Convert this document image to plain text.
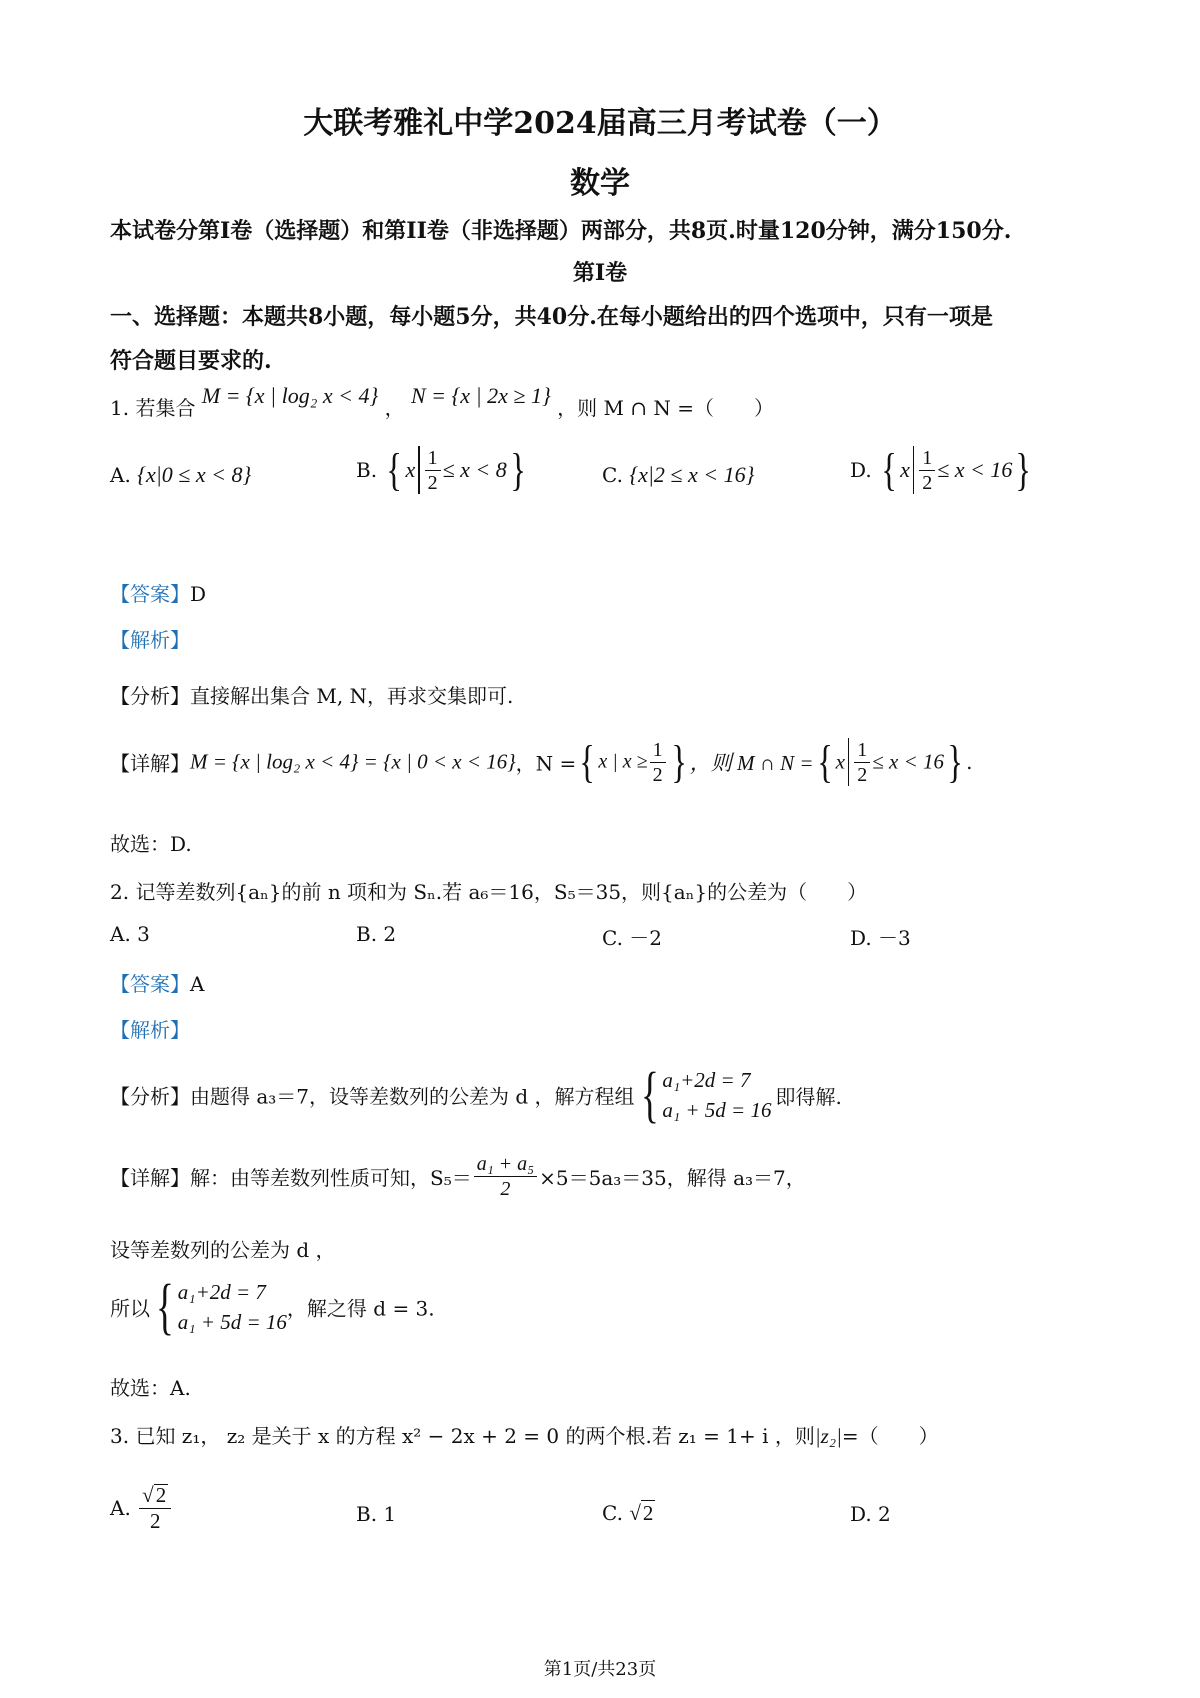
大联考雅礼中学2024届高三月考试卷（一）
数学
本试卷分第I卷（选择题）和第II卷（非选择题）两部分，共8页.时量120分钟，满分150分.
第I卷
一、选择题：本题共8小题，每小题5分，共40分.在每小题给出的四个选项中，只有一项是
符合题目要求的.
1. 若集合 M = {x | log₂ x < 4} ， N = {x | 2x ≥ 1} ，则 M ∩ N =（　　）
A. {x|0 ≤ x < 8}	B. { x $\frac{1}{2} \le x < 8$}	C. {x|2 ≤ x < 16}	D. { x $\frac{1}{2} \le x < 16$}
【答案】D
【解析】
【分析】直接解出集合 M, N，再求交集即可.
【详解】M = {x | log₂ x < 4} = {x | 0 < x < 16}，N ={ x | $x \ge \frac{1}{2}$ } ，则 M ∩ N ={ x $\frac{1}{2} \le x < 16$} .
故选：D.
2. 记等差数列{aₙ}的前 n 项和为 Sₙ.若 a₆＝16，S₅＝35，则{aₙ}的公差为（　　）
A. 3	B. 2	C. －2	D. －3
【答案】A
【解析】
【分析】由题得 a₃＝7，设等差数列的公差为 d ，解方程组 { a₁+2d = 7
a₁ + 5d = 16
即得解.
【详解】解：由等差数列性质可知，$S_5= \frac{\text{a₁ + a₅}}{2} \times 5=5a_3=35$，解得 a₃＝7，
设等差数列的公差为 d ，
所以 { a₁+2d = 7
a₁ + 5d = 16
，解之得 d = 3.
故选：A.
3. 已知 z₁， z₂ 是关于 x 的方程 x² − 2x + 2 = 0 的两个根.若 z₁ = 1+ i ，则|z₂|=（　　）
A. $\frac{√ 2}{2}$	B. 1	C. √ 2	D. 2
第1页/共23页
